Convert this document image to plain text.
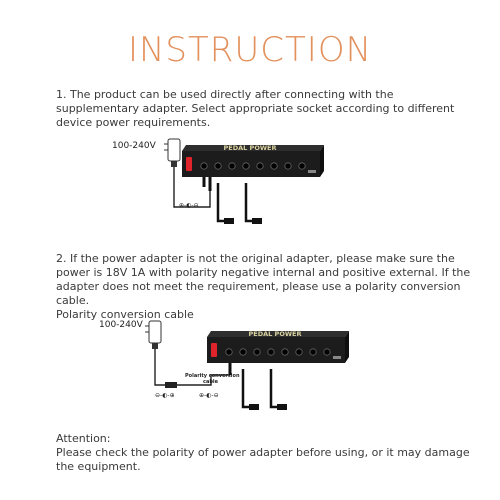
INSTRUCTION
1. The product can be used directly after connecting with the supplementary adapter. Select appropriate socket according to different device power requirements.
100-240V	PEDAL POWER
⊕-◐-⊖
2. If the power adapter is not the original adapter, please make sure the power is 18V 1A with polarity negative internal and positive external. If the adapter does not meet the requirement, please use a polarity conversion cable.
Polarity conversion cable
100-240V
Polarity conversion
cable
⊖-◐-⊕	⊕-◐-⊖
PEDAL POWER
Attention:
Please check the polarity of power adapter before using, or it may damage the equipment.
